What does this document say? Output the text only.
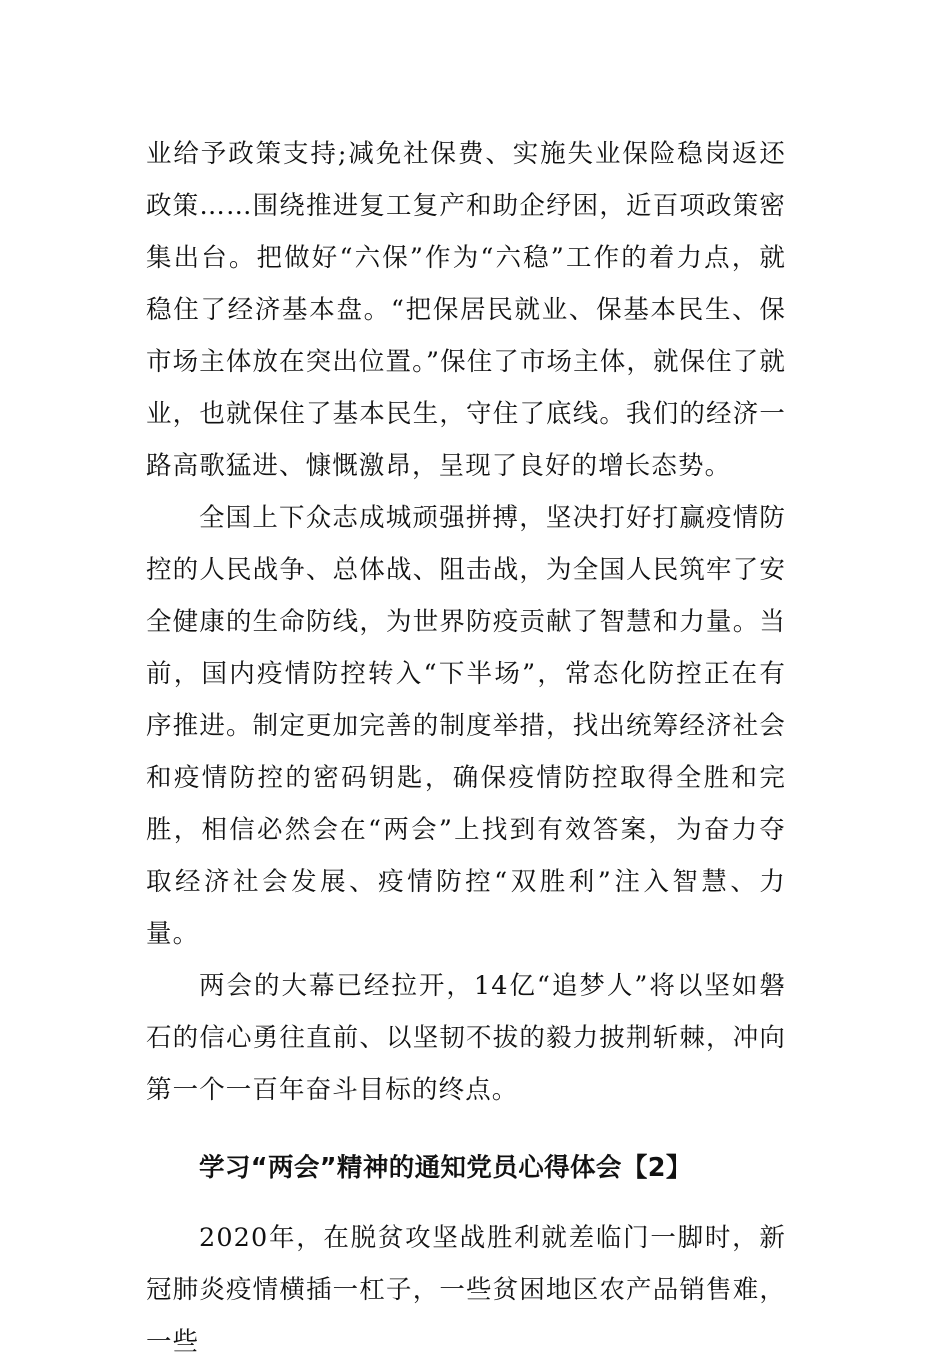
业给予政策支持;减免社保费、实施失业保险稳岗返还政策……围绕推进复工复产和助企纾困，近百项政策密集出台。把做好“六保”作为“六稳”工作的着力点，就稳住了经济基本盘。“把保居民就业、保基本民生、保市场主体放在突出位置。”保住了市场主体，就保住了就业，也就保住了基本民生，守住了底线。我们的经济一路高歌猛进、慷慨激昂，呈现了良好的增长态势。

全国上下众志成城顽强拼搏，坚决打好打赢疫情防控的人民战争、总体战、阻击战，为全国人民筑牢了安全健康的生命防线，为世界防疫贡献了智慧和力量。当前，国内疫情防控转入“下半场”，常态化防控正在有序推进。制定更加完善的制度举措，找出统筹经济社会和疫情防控的密码钥匙，确保疫情防控取得全胜和完胜，相信必然会在“两会”上找到有效答案，为奋力夺取经济社会发展、疫情防控“双胜利”注入智慧、力量。

两会的大幕已经拉开，14亿“追梦人”将以坚如磐石的信心勇往直前、以坚韧不拔的毅力披荆斩棘，冲向第一个一百年奋斗目标的终点。

学习“两会”精神的通知党员心得体会【2】

2020年，在脱贫攻坚战胜利就差临门一脚时，新冠肺炎疫情横插一杠子，一些贫困地区农产品销售难，一些
